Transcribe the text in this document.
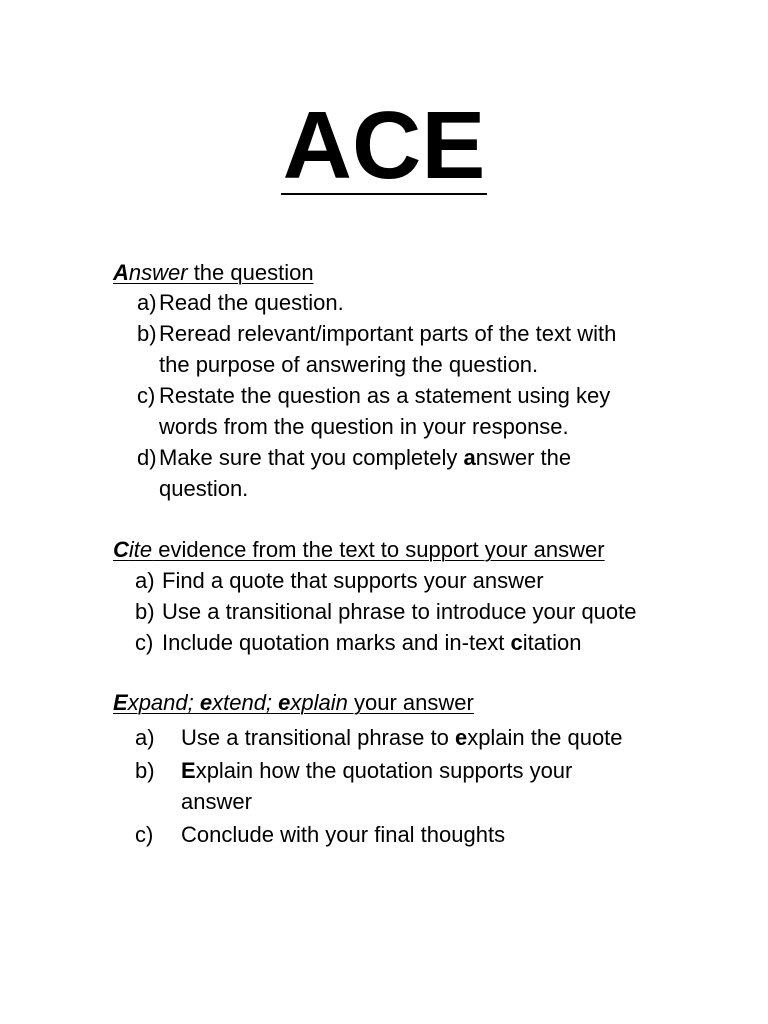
ACE
Answer the question
a) Read the question.
b) Reread relevant/important parts of the text with
the purpose of answering the question.
c) Restate the question as a statement using key
words from the question in your response.
d) Make sure that you completely answer the
question.
Cite evidence from the text to support your answer
a) Find a quote that supports your answer
b) Use a transitional phrase to introduce your quote
c) Include quotation marks and in-text citation
Expand; extend; explain your answer
a) Use a transitional phrase to explain the quote
b) Explain how the quotation supports your
answer
c) Conclude with your final thoughts
